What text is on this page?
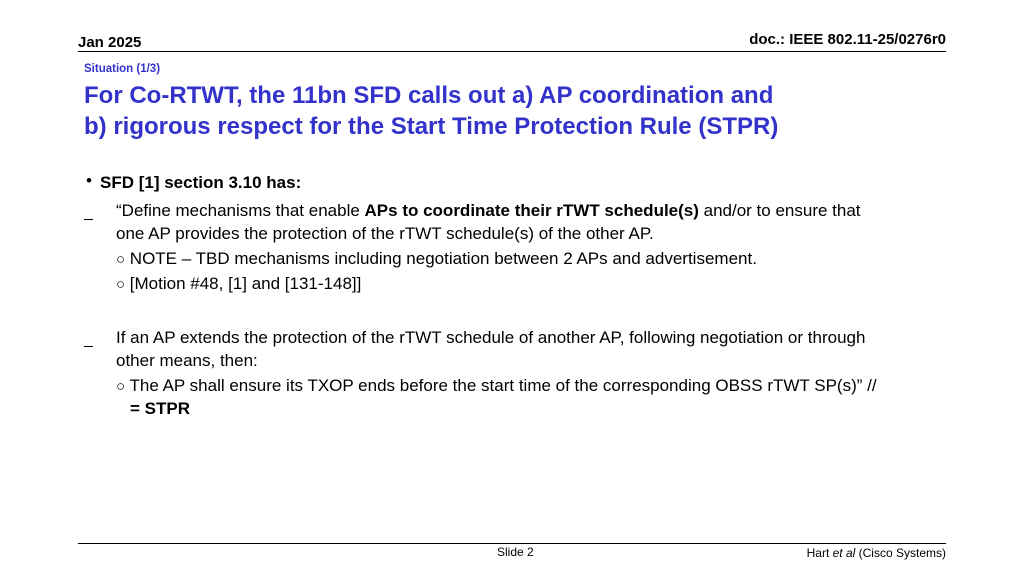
Jan 2025	doc.: IEEE 802.11-25/0276r0
Situation (1/3)
For Co-RTWT, the 11bn SFD calls out a) AP coordination and
b) rigorous respect for the Start Time Protection Rule (STPR)
• SFD [1] section 3.10 has:
“Define mechanisms that enable APs to coordinate their rTWT schedule(s) and/or to ensure that
one AP provides the protection of the rTWT schedule(s) of the other AP.
○ NOTE – TBD mechanisms including negotiation between 2 APs and advertisement.
○ [Motion #48, [1] and [131-148]]
If an AP extends the protection of the rTWT schedule of another AP, following negotiation or through
other means, then:
○ The AP shall ensure its TXOP ends before the start time of the corresponding OBSS rTWT SP(s)” //
= STPR
Slide 2	Hart et al (Cisco Systems)
